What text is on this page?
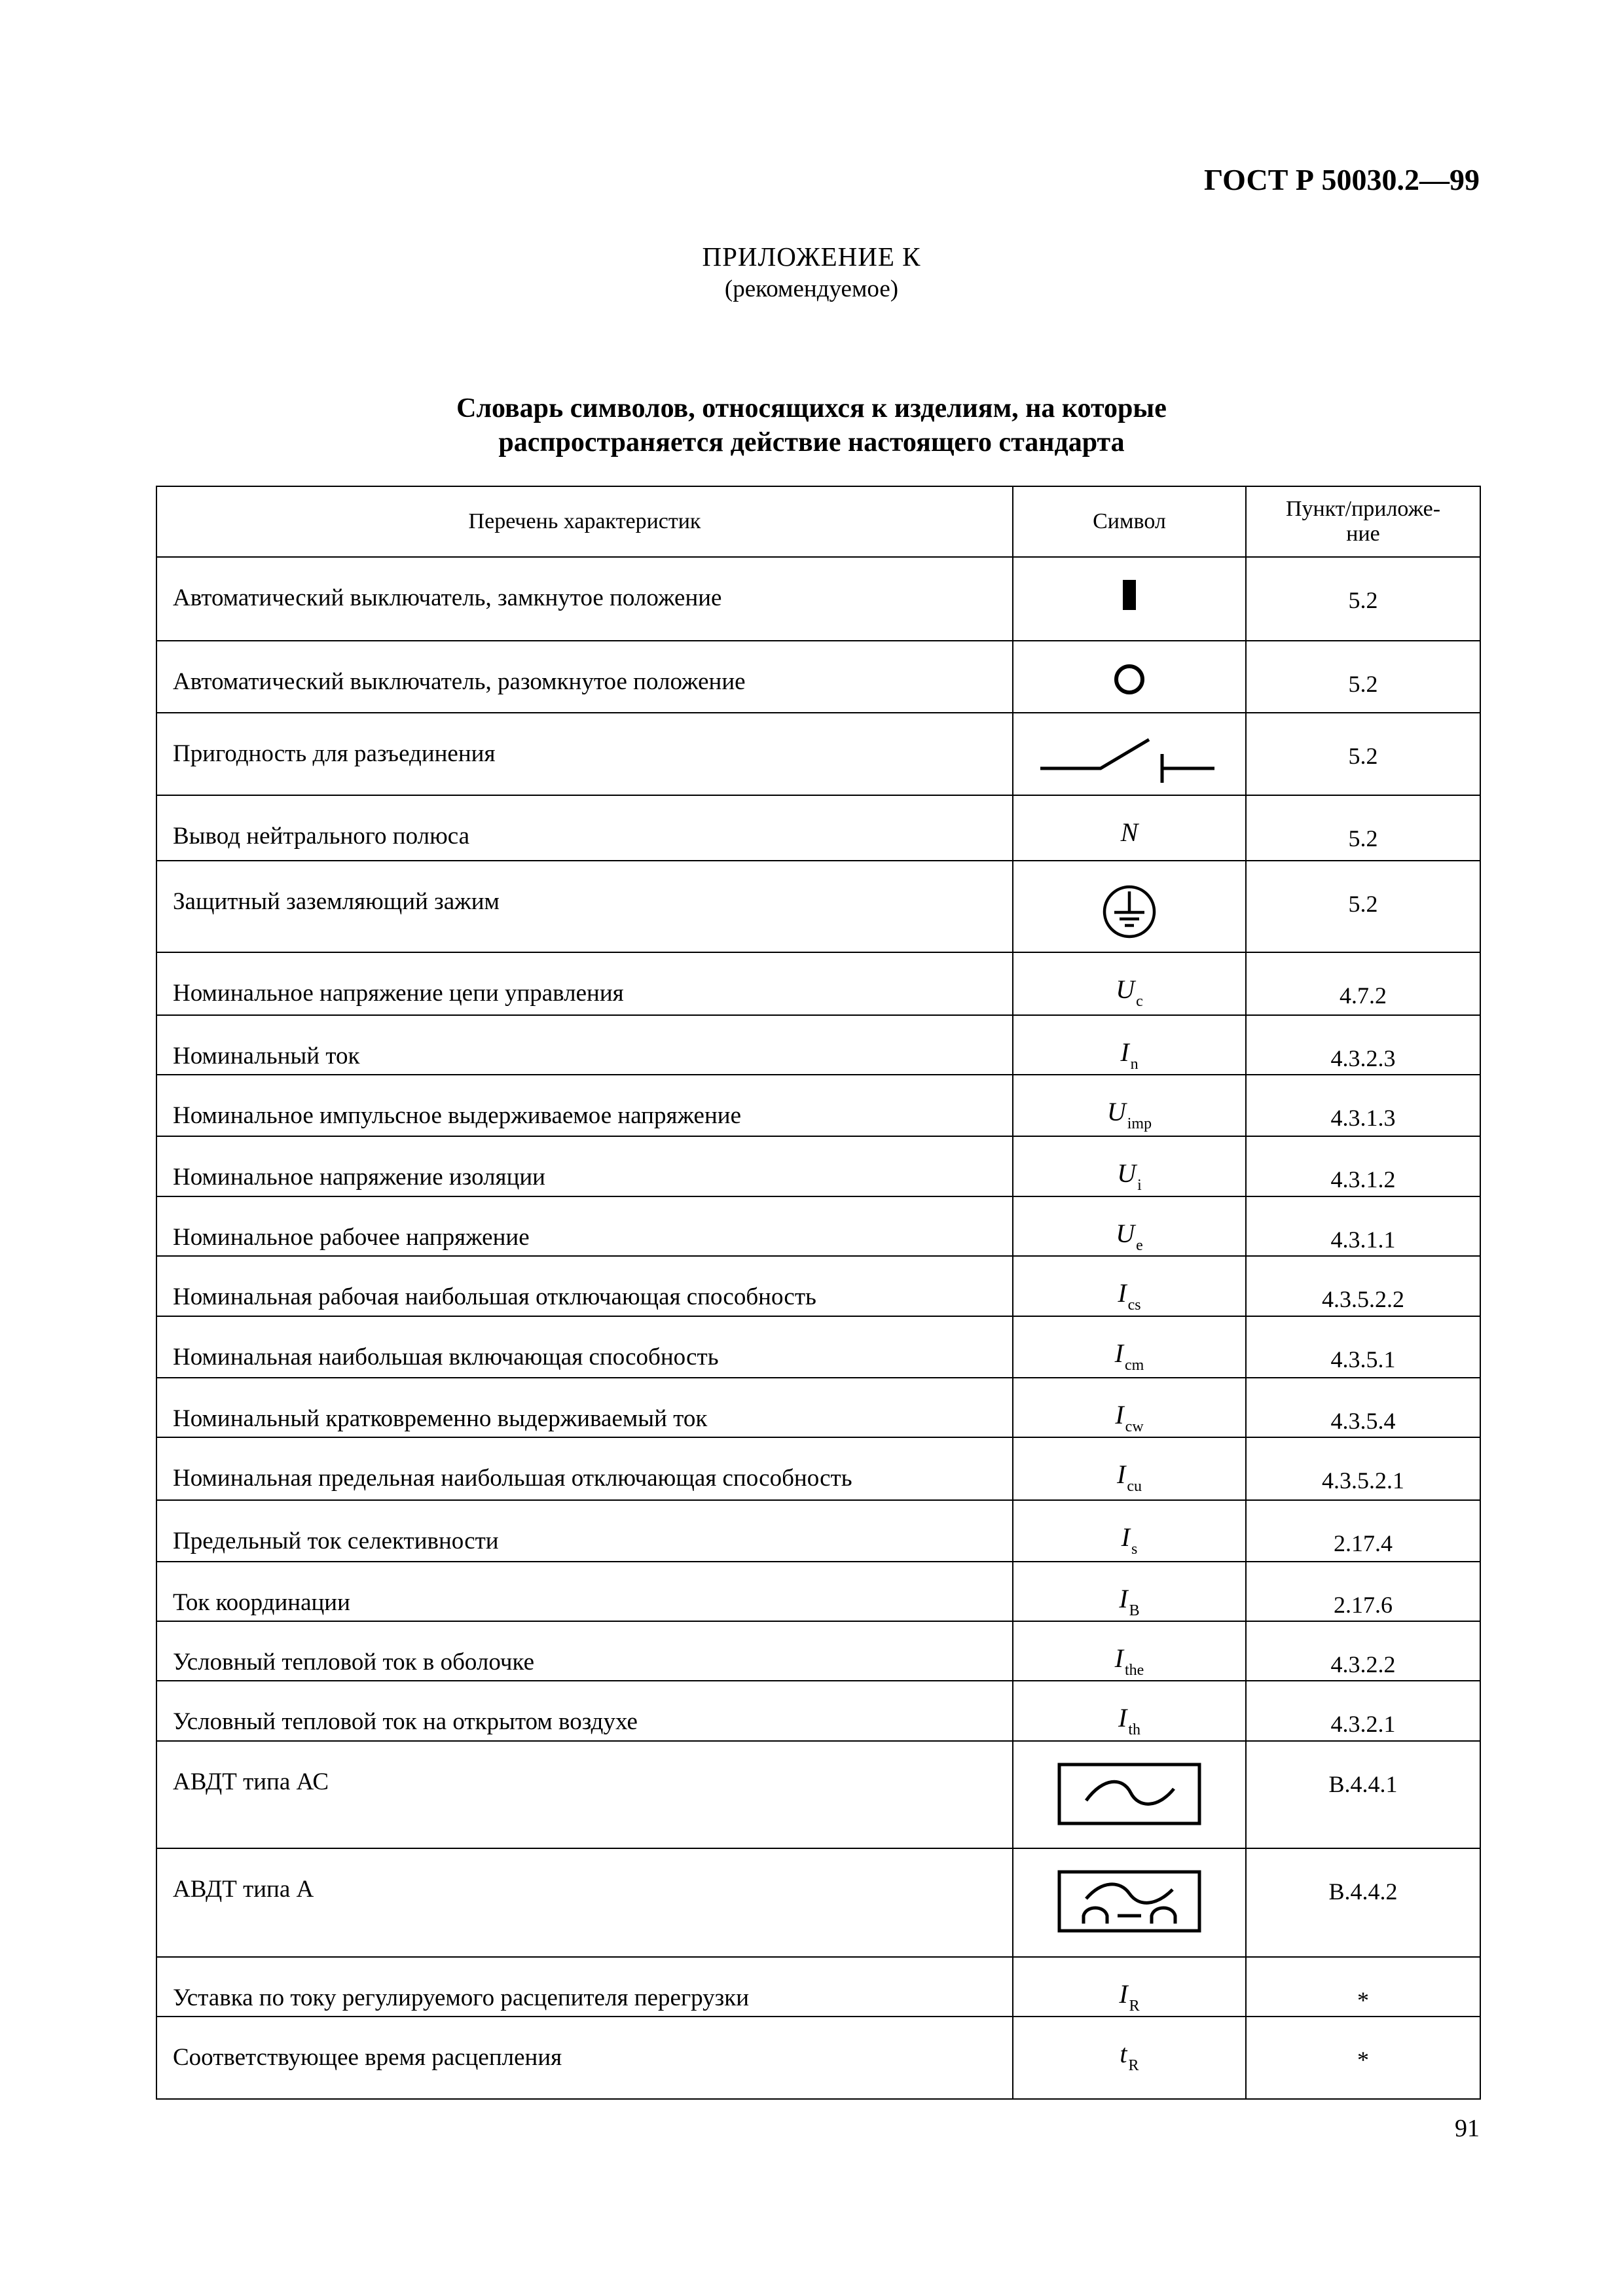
ГОСТ Р 50030.2—99
ПРИЛОЖЕНИЕ К
(рекомендуемое)
Словарь символов, относящихся к изделиям, на которые
распространяется действие настоящего стандарта
Перечень характеристик	Символ	Пункт/приложе-
ние
Автоматический выключатель, замкнутое положение		5.2
Автоматический выключатель, разомкнутое положение		5.2
Пригодность для разъединения		5.2
Вывод нейтрального полюса	N	5.2
Защитный заземляющий зажим		5.2
Номинальное напряжение цепи управления	$U_c$	4.7.2
Номинальный ток	$I_n$	4.3.2.3
Номинальное импульсное выдерживаемое напряжение	$U_{imp}$	4.3.1.3
Номинальное напряжение изоляции	$U_i$	4.3.1.2
Номинальное рабочее напряжение	$U_e$	4.3.1.1
Номинальная рабочая наибольшая отключающая способность	$I_{cs}$	4.3.5.2.2
Номинальная наибольшая включающая способность	$I_{cm}$	4.3.5.1
Номинальный кратковременно выдерживаемый ток	$I_{cw}$	4.3.5.4
Номинальная предельная наибольшая отключающая способность	$I_{cu}$	4.3.5.2.1
Предельный ток селективности	$I_s$	2.17.4
Ток координации	$I_B$	2.17.6
Условный тепловой ток в оболочке	$I_{the}$	4.3.2.2
Условный тепловой ток на открытом воздухе	$I_{th}$	4.3.2.1
АВДТ типа АС		B.4.4.1
АВДТ типа А		B.4.4.2
Уставка по току регулируемого расцепителя перегрузки	$I_R$	*
Соответствующее время расцепления	$t_R$	*
91
